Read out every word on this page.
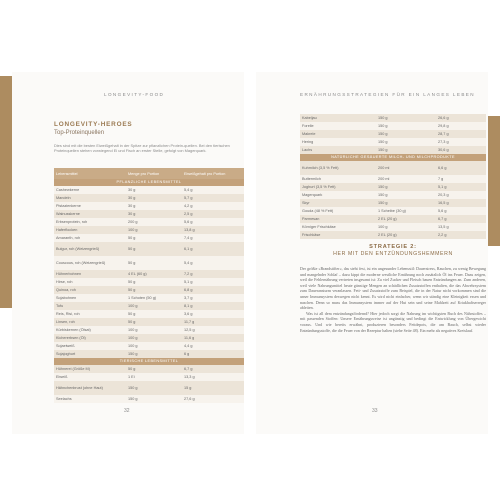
LONGEVITY-FOOD	ERNÄHRUNGSSTRATEGIEN FÜR EIN LANGES LEBEN
LONGEVITY-HEROES
Top-Proteinquellen
Dies sind mit die besten Eiweißgehalt in der Spitze zur pflanzlichen Protein-quellen. Bei den tierischen Proteinquellen stehen vorwiegend Ei und Fisch an erster Stelle, gefolgt von Magerquark.
Lebensmittel	Menge pro Portion	Eiweißgehalt pro Portion
PFLANZLICHE LEBENSMITTEL		
Cashewkerne	30 g	5,4 g
Mandeln	30 g	5,7 g
Pistazienkerne	30 g	4,2 g
Walnusskerne	30 g	2,5 g
Erbsenprotein, roh	200 g	5,6 g
Haferflocken	100 g	13,8 g
Amaranth, roh	50 g	7,4 g
Bulgur, roh (Weizengrieß)	50 g	6,1 g
Couscous, roh (Weizengrieß)	50 g	5,4 g
Hühnerbohnen	4 EL (60 g)	7,2 g
Hirse, roh	50 g	5,1 g
Quinoa, roh	50 g	6,8 g
Sojabohnen	1 Schoten (50 g)	3,7 g
Tofu	100 g	8,1 g
Reis, Risi, roh	50 g	3,6 g
Linsen, roh	50 g	11,7 g
Kürbiskernen (Ölsat)	100 g	12,5 g
Kichererbsen (Öl)	100 g	11,6 g
Sojaeiweiß	100 g	4,4 g
Sojajoghurt	150 g	6 g
TIERISCHE LEBENSMITTEL		
Hühnerei (Größe M)	50 g	6,7 g
Eiweiß	1 Ei	13,3 g
Hähnchenbrust (ohne Haut)	150 g	15 g
Seelachs	150 g	27,6 g
Kabeljau	150 g	26,6 g
Forelle	150 g	29,8 g
Makrele	150 g	28,7 g
Hering	150 g	27,3 g
Lachs	150 g	30,6 g
NATÜRLICHE GESÄUERTE MILCH- UND MILCHPRODUKTE		
Kuhmilch (3,5 % Fett)	200 ml	6,6 g
Buttermilch	200 ml	7 g
Joghurt (3,5 % Fett)	150 g	5,1 g
Magerquark	150 g	20,3 g
Skyr	150 g	16,5 g
Gouda (48 % Fett)	1 Scheibe (30 g)	5,6 g
Parmesan	2 EL (20 g)	6,7 g
Körniger Frischkäse	100 g	13,5 g
Frischkäse	2 EL (20 g)	2,2 g
STRATEGIE 2:
HER MIT DEN ENTZÜNDUNGSHEMMERN

Der größte »Brandstifter«, das steht fest, ist ein ungesunder Lebensstil: Dauerstress, Rauchen, zu wenig Bewegung und mangelnder Schlaf – dazu kippt die moderne westliche Ernährung noch zusätzlich Öl ins Feuer. Dazu zeigen, weil die Fehlernährung vertreten insgesamt ist: Zu viel Zucker und Fleisch bauen Entzündungen an. Zum anderen, weil viele Nahrungsmittel heute günstige Mengen an schädlichen Zusatzstoffen enthalten, die das Abwehrsystem zum Daueransturm veranlassen. Fett- und Zusatzstoffe zum Beispiel, die in der Natur nicht vorkommen sind die unser Immunsystem deswegen nicht kennt. Es wird nicht einfacher, wenn wir ständig eine Kleinigkeit essen und naschen. Denn so muss das Immunsystem immer auf der Hut sein und seine Mahlzeit auf Kriukhaftserreger ableiten.

Was ist all dem entzündungsfördernd? Hier jedoch sorgt die Nahrung im wichtigsten Buch des Nährstoffes – mit passenden Stoffen: Unsere Ernährungsweise ist ungünstig und bedingt die Entwicklung von Übergewicht voraus. Und wie bereits erwähnt, produzieren besonders Fettdepots, die am Bauch, selbst wieder Entzündungsstoffe, die die Feuer von der Rezeptur halten (siehe Seite 48). Ein mehr als negatives Kreislauf.

32	33
